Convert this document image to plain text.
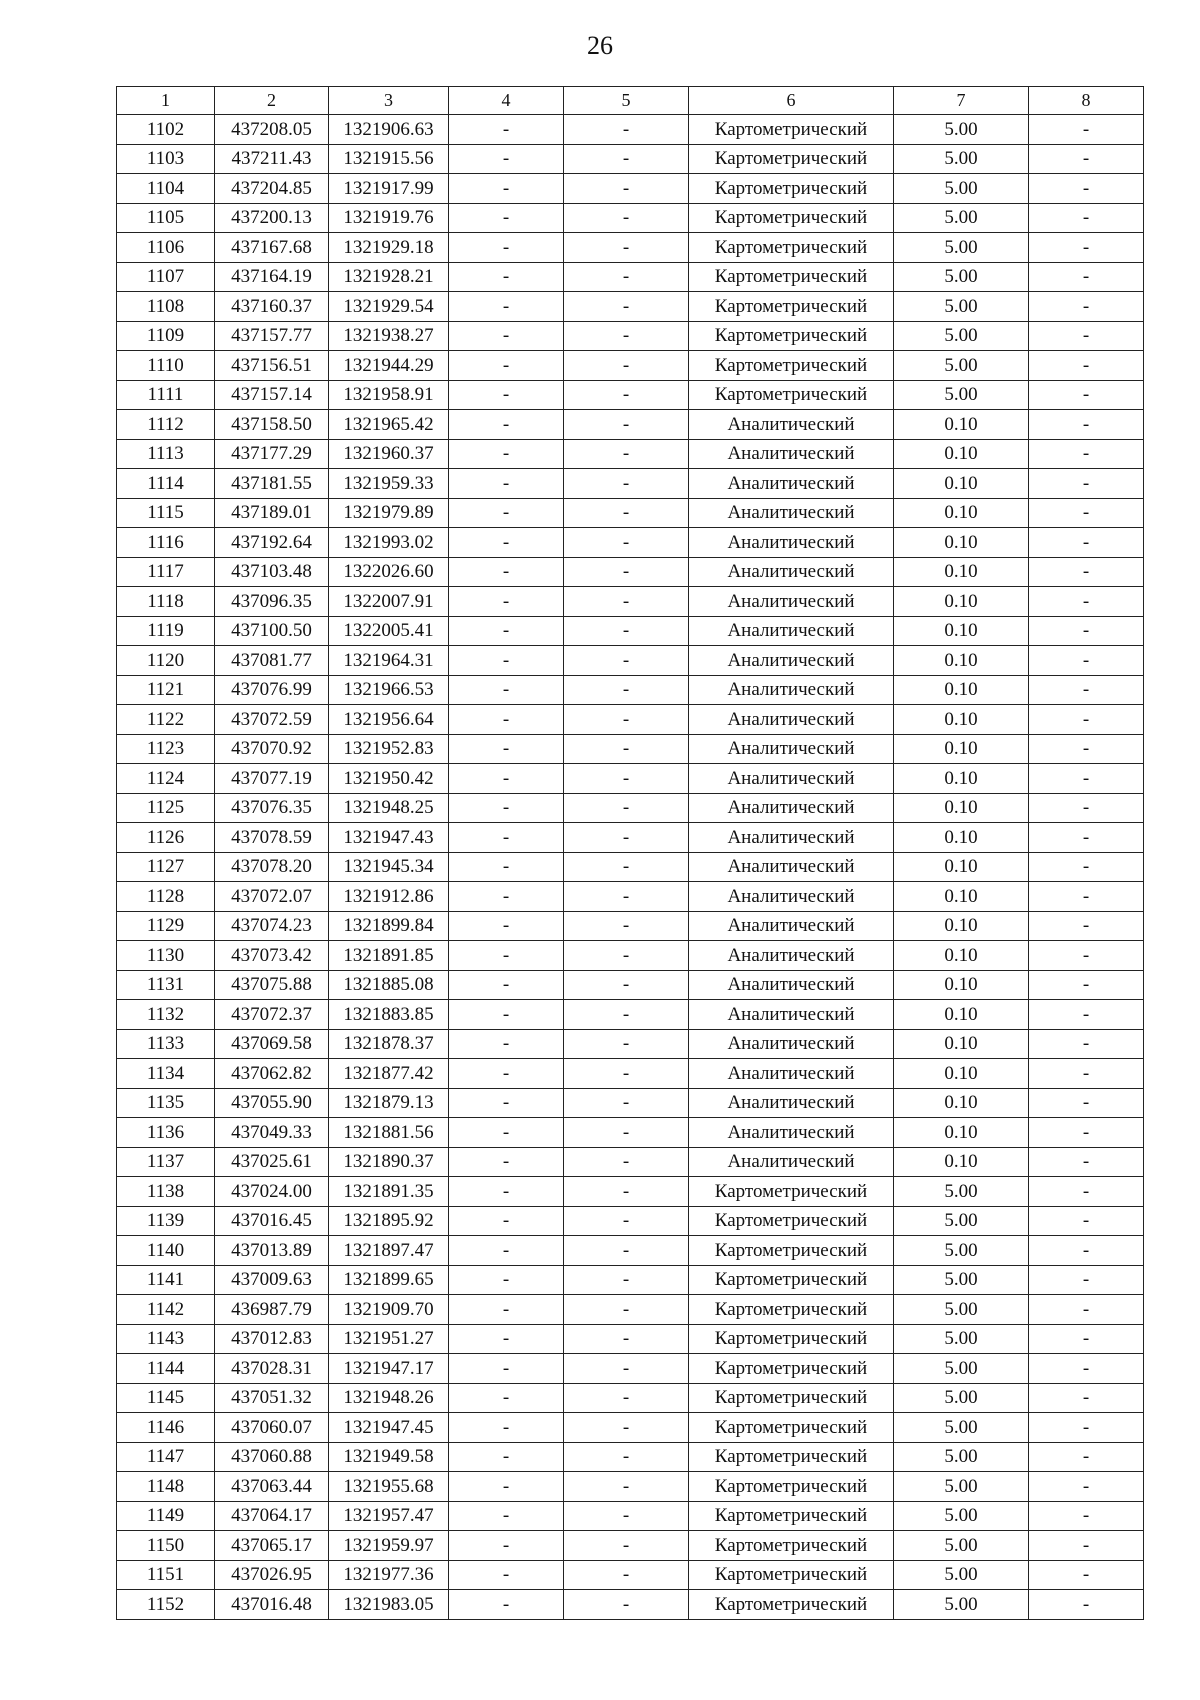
26
1	2	3	4	5	6	7	8
1102	437208.05	1321906.63	-	-	Картометрический	5.00	-
1103	437211.43	1321915.56	-	-	Картометрический	5.00	-
1104	437204.85	1321917.99	-	-	Картометрический	5.00	-
1105	437200.13	1321919.76	-	-	Картометрический	5.00	-
1106	437167.68	1321929.18	-	-	Картометрический	5.00	-
1107	437164.19	1321928.21	-	-	Картометрический	5.00	-
1108	437160.37	1321929.54	-	-	Картометрический	5.00	-
1109	437157.77	1321938.27	-	-	Картометрический	5.00	-
1110	437156.51	1321944.29	-	-	Картометрический	5.00	-
1111	437157.14	1321958.91	-	-	Картометрический	5.00	-
1112	437158.50	1321965.42	-	-	Аналитический	0.10	-
1113	437177.29	1321960.37	-	-	Аналитический	0.10	-
1114	437181.55	1321959.33	-	-	Аналитический	0.10	-
1115	437189.01	1321979.89	-	-	Аналитический	0.10	-
1116	437192.64	1321993.02	-	-	Аналитический	0.10	-
1117	437103.48	1322026.60	-	-	Аналитический	0.10	-
1118	437096.35	1322007.91	-	-	Аналитический	0.10	-
1119	437100.50	1322005.41	-	-	Аналитический	0.10	-
1120	437081.77	1321964.31	-	-	Аналитический	0.10	-
1121	437076.99	1321966.53	-	-	Аналитический	0.10	-
1122	437072.59	1321956.64	-	-	Аналитический	0.10	-
1123	437070.92	1321952.83	-	-	Аналитический	0.10	-
1124	437077.19	1321950.42	-	-	Аналитический	0.10	-
1125	437076.35	1321948.25	-	-	Аналитический	0.10	-
1126	437078.59	1321947.43	-	-	Аналитический	0.10	-
1127	437078.20	1321945.34	-	-	Аналитический	0.10	-
1128	437072.07	1321912.86	-	-	Аналитический	0.10	-
1129	437074.23	1321899.84	-	-	Аналитический	0.10	-
1130	437073.42	1321891.85	-	-	Аналитический	0.10	-
1131	437075.88	1321885.08	-	-	Аналитический	0.10	-
1132	437072.37	1321883.85	-	-	Аналитический	0.10	-
1133	437069.58	1321878.37	-	-	Аналитический	0.10	-
1134	437062.82	1321877.42	-	-	Аналитический	0.10	-
1135	437055.90	1321879.13	-	-	Аналитический	0.10	-
1136	437049.33	1321881.56	-	-	Аналитический	0.10	-
1137	437025.61	1321890.37	-	-	Аналитический	0.10	-
1138	437024.00	1321891.35	-	-	Картометрический	5.00	-
1139	437016.45	1321895.92	-	-	Картометрический	5.00	-
1140	437013.89	1321897.47	-	-	Картометрический	5.00	-
1141	437009.63	1321899.65	-	-	Картометрический	5.00	-
1142	436987.79	1321909.70	-	-	Картометрический	5.00	-
1143	437012.83	1321951.27	-	-	Картометрический	5.00	-
1144	437028.31	1321947.17	-	-	Картометрический	5.00	-
1145	437051.32	1321948.26	-	-	Картометрический	5.00	-
1146	437060.07	1321947.45	-	-	Картометрический	5.00	-
1147	437060.88	1321949.58	-	-	Картометрический	5.00	-
1148	437063.44	1321955.68	-	-	Картометрический	5.00	-
1149	437064.17	1321957.47	-	-	Картометрический	5.00	-
1150	437065.17	1321959.97	-	-	Картометрический	5.00	-
1151	437026.95	1321977.36	-	-	Картометрический	5.00	-
1152	437016.48	1321983.05	-	-	Картометрический	5.00	-
